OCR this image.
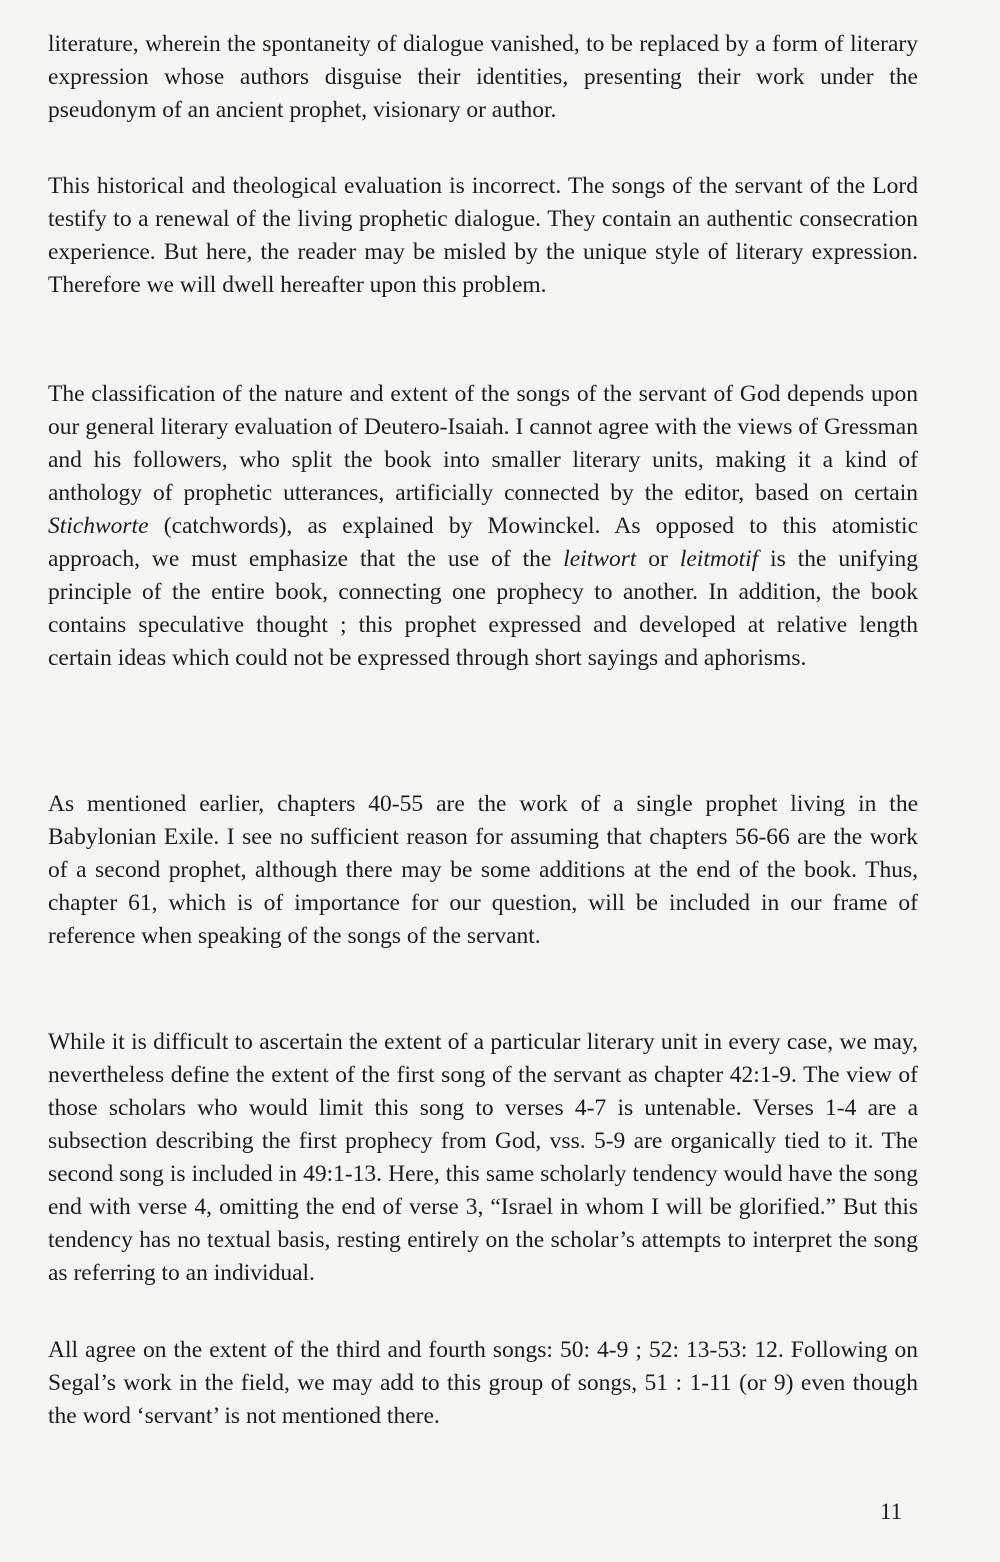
literature, wherein the spontaneity of dialogue vanished, to be replaced by a form of literary expression whose authors disguise their identities, presenting their work under the pseudonym of an ancient prophet, visionary or author.

This historical and theological evaluation is incorrect. The songs of the servant of the Lord testify to a renewal of the living prophetic dialogue. They contain an authentic consecration experience. But here, the reader may be misled by the unique style of literary expression. Therefore we will dwell hereafter upon this problem.

The classification of the nature and extent of the songs of the servant of God depends upon our general literary evaluation of Deutero-Isaiah. I cannot agree with the views of Gressman and his followers, who split the book into smaller literary units, making it a kind of anthology of prophetic utterances, artificially connected by the editor, based on certain Stichworte (catchwords), as explained by Mowinckel. As opposed to this atomistic approach, we must emphasize that the use of the leitwort or leitmotif is the unifying principle of the entire book, connecting one prophecy to another. In addition, the book contains speculative thought ; this prophet expressed and developed at relative length certain ideas which could not be expressed through short sayings and aphorisms.

As mentioned earlier, chapters 40-55 are the work of a single prophet living in the Babylonian Exile. I see no sufficient reason for assuming that chapters 56-66 are the work of a second prophet, although there may be some additions at the end of the book. Thus, chapter 61, which is of importance for our question, will be included in our frame of reference when speaking of the songs of the servant.

While it is difficult to ascertain the extent of a particular literary unit in every case, we may, nevertheless define the extent of the first song of the servant as chapter 42:1-9. The view of those scholars who would limit this song to verses 4-7 is untenable. Verses 1-4 are a subsection describing the first prophecy from God, vss. 5-9 are organically tied to it. The second song is included in 49:1-13. Here, this same scholarly tendency would have the song end with verse 4, omitting the end of verse 3, “Israel in whom I will be glorified.” But this tendency has no textual basis, resting entirely on the scholar’s attempts to interpret the song as referring to an individual.

All agree on the extent of the third and fourth songs: 50: 4-9 ; 52: 13-53: 12. Following on Segal’s work in the field, we may add to this group of songs, 51 : 1-11 (or 9) even though the word ‘servant’ is not mentioned there.

11
